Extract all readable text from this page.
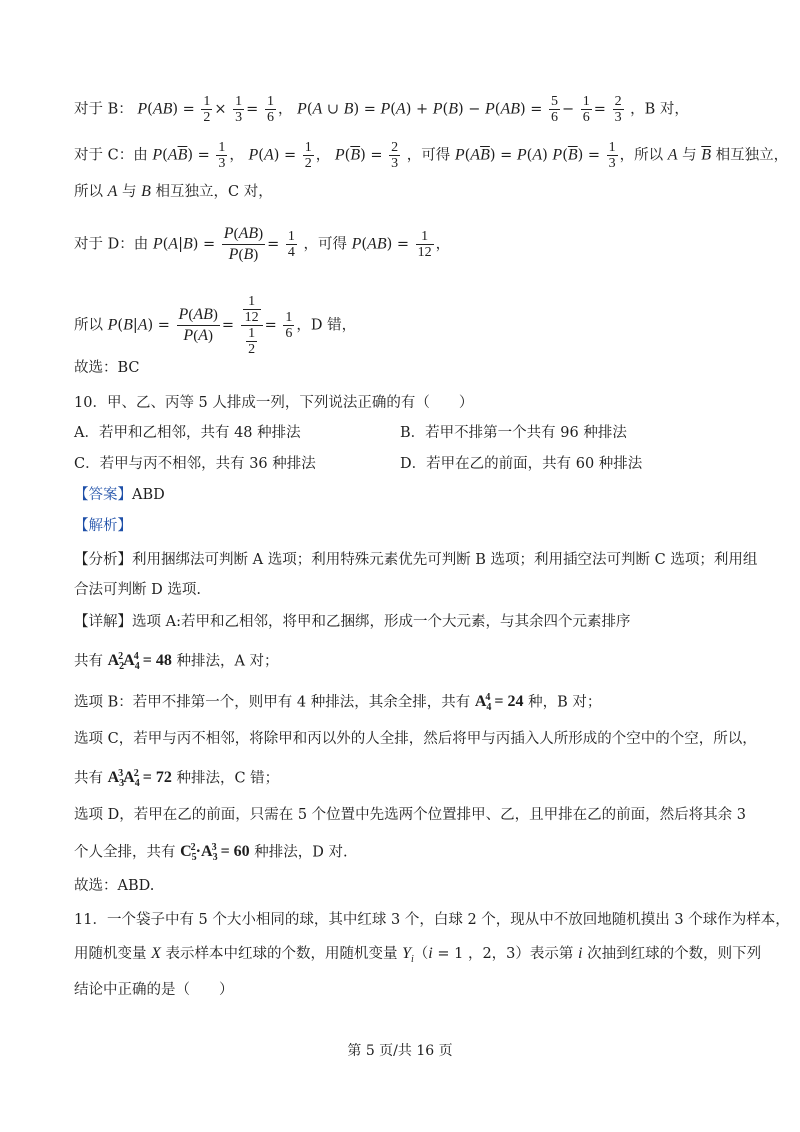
对于 B： $P(AB) = \frac{1}{2} \times \frac{1}{3} = \frac{1}{6}$ ， P(A ∪ $B) = P(A) + P(B) - P(AB) = \frac{5}{6} - \frac{1}{6} = \frac{2}{3}$ ，B 对，
对于 C：由 $P(A\overline{B}) = \frac{1}{3}$ ， $P(A) = \frac{1}{2}$ ， $P(\overline{B}) = \frac{2}{3}$ ，可得 $P(A\overline{B}) = P(A) P(\overline{B}) = \frac{1}{3}$ ，所以 A 与 $\overline{B}$ 相互独立，
所以 A 与 B 相互独立，C 对，
对于 D：由 $P(A|B) = \frac{P(AB)}{P(B)} = \frac{1}{4}$ ，可得 $P(AB) = \frac{1}{12}$ ，
所以 $P(B|A) = \frac{P(AB)}{P(A)} = \frac{\frac{1}{12}}{\frac{1}{2}} = \frac{1}{6}$ ，D 错，
故选：BC
10．甲、乙、丙等 5 人排成一列，下列说法正确的有（　　）
A．若甲和乙相邻，共有 48 种排法	B．若甲不排第一个共有 96 种排法
C．若甲与丙不相邻，共有 36 种排法	D．若甲在乙的前面，共有 60 种排法
【答案】ABD
【解析】
【分析】利用捆绑法可判断 A 选项；利用特殊元素优先可判断 B 选项；利用插空法可判断 C 选项；利用组
合法可判断 D 选项.
【详解】选项 A:若甲和乙相邻，将甲和乙捆绑，形成一个大元素，与其余四个元素排序
共有 $A_2^2A_4^4 = 48$ 种排法，A 对；
选项 B：若甲不排第一个，则甲有 4 种排法，其余全排，共有 $A_4^4 = 24$ 种，B 对；
选项 C，若甲与丙不相邻，将除甲和丙以外的人全排，然后将甲与丙插入人所形成的个空中的个空，所以，
共有 $A_3^3A_4^2 = 72$ 种排法，C 错；
选项 D，若甲在乙的前面，只需在 5 个位置中先选两个位置排甲、乙，且甲排在乙的前面，然后将其余 3
个人全排，共有 $C_5^2\cdot A_3^3 = 60$ 种排法，D 对.
故选：ABD.
11．一个袋子中有 5 个大小相同的球，其中红球 3 个，白球 2 个，现从中不放回地随机摸出 3 个球作为样本，
用随机变量 X 表示样本中红球的个数，用随机变量 $Y_i(i = 1$ ，2，3）表示第 i 次抽到红球的个数，则下列
结论中正确的是（　　）
第 5 页/共 16 页
